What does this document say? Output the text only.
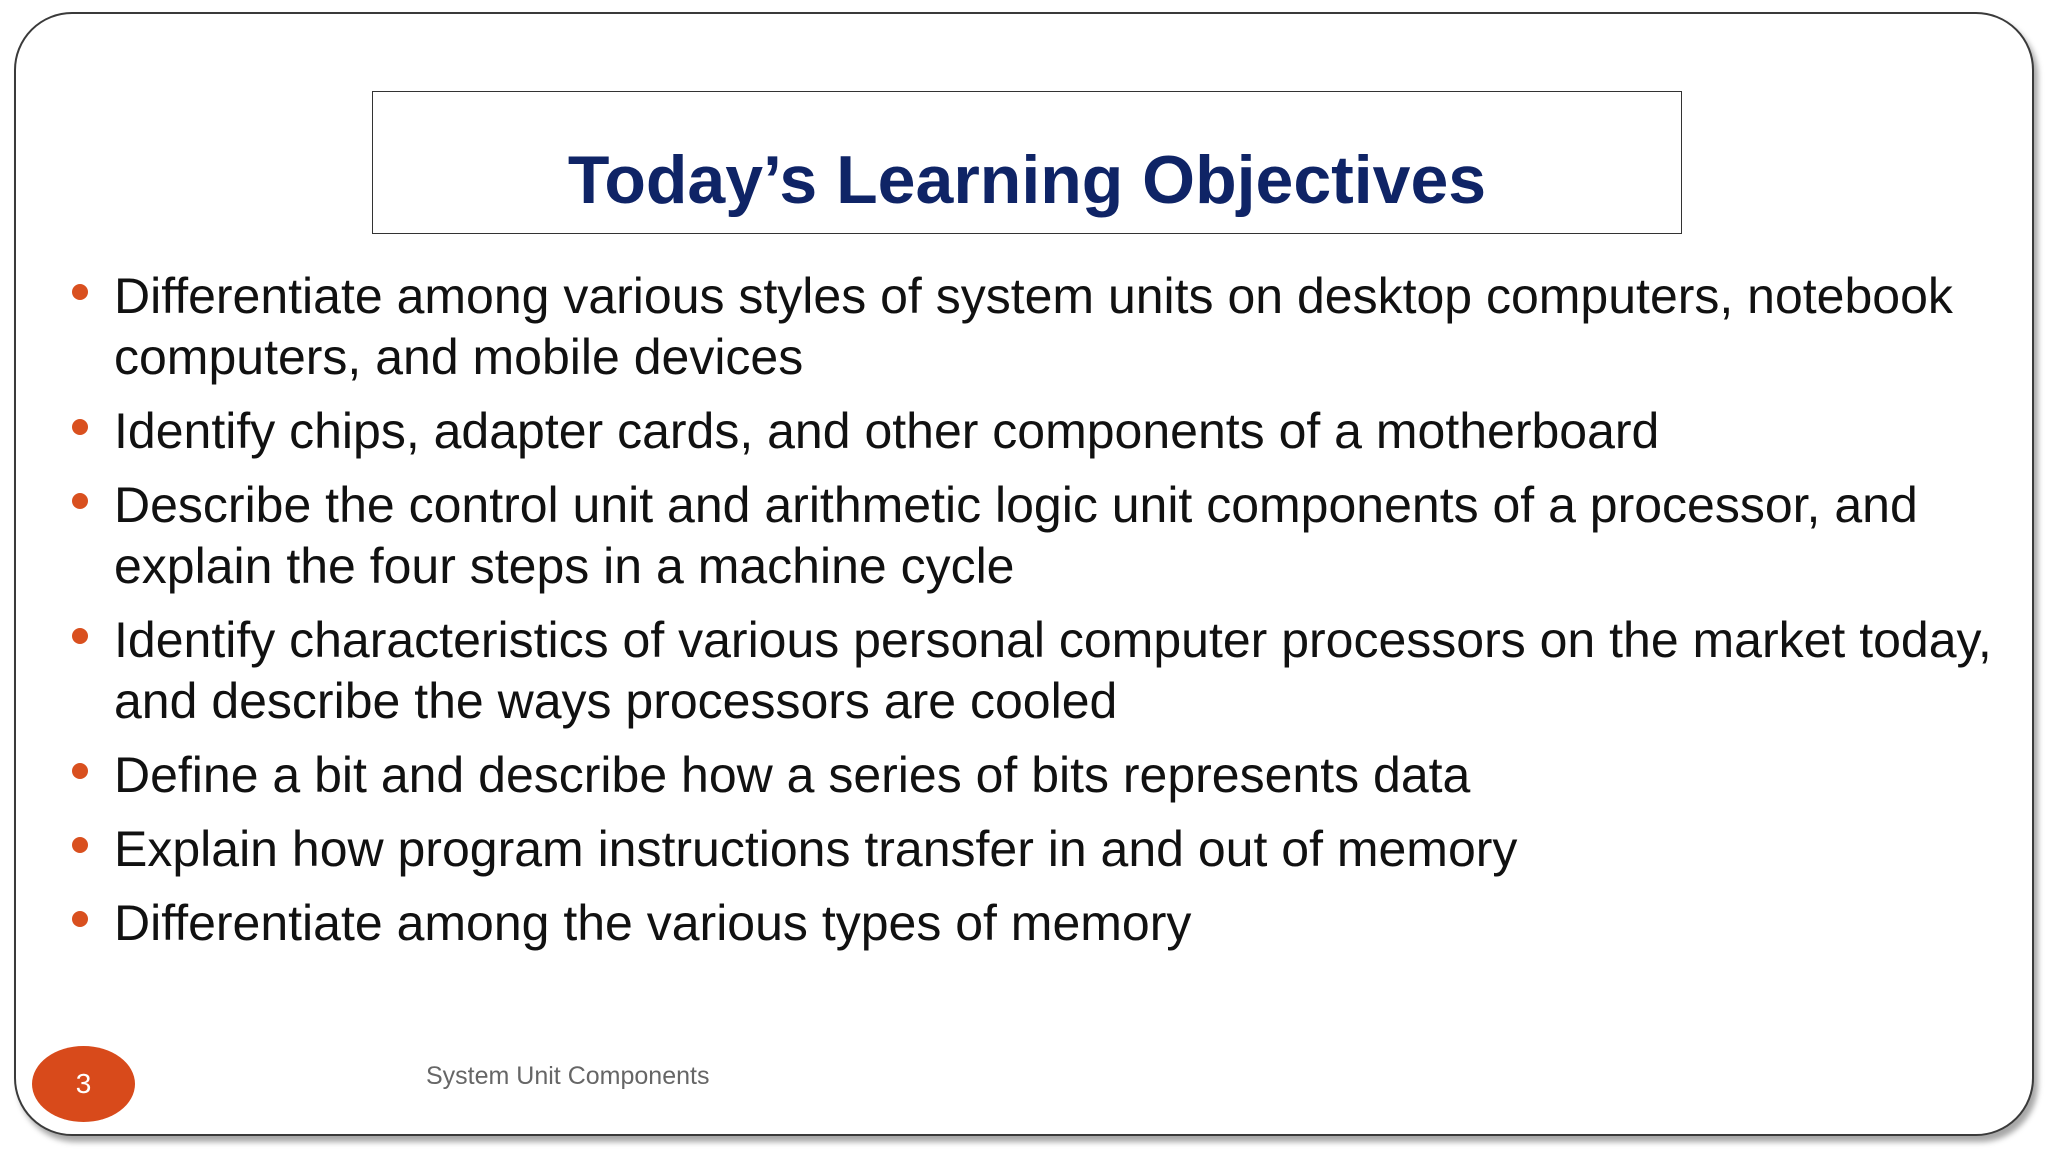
Today’s Learning Objectives
Differentiate among various styles of system units on desktop computers, notebook computers, and mobile devices
Identify chips, adapter cards, and other components of a motherboard
Describe the control unit and arithmetic logic unit components of a processor, and explain the four steps in a machine cycle
Identify characteristics of various personal computer processors on the market today, and describe the ways processors are cooled
Define a bit and describe how a series of bits represents data
Explain how program instructions transfer in and out of memory
Differentiate among the various types of memory
3	System Unit Components
